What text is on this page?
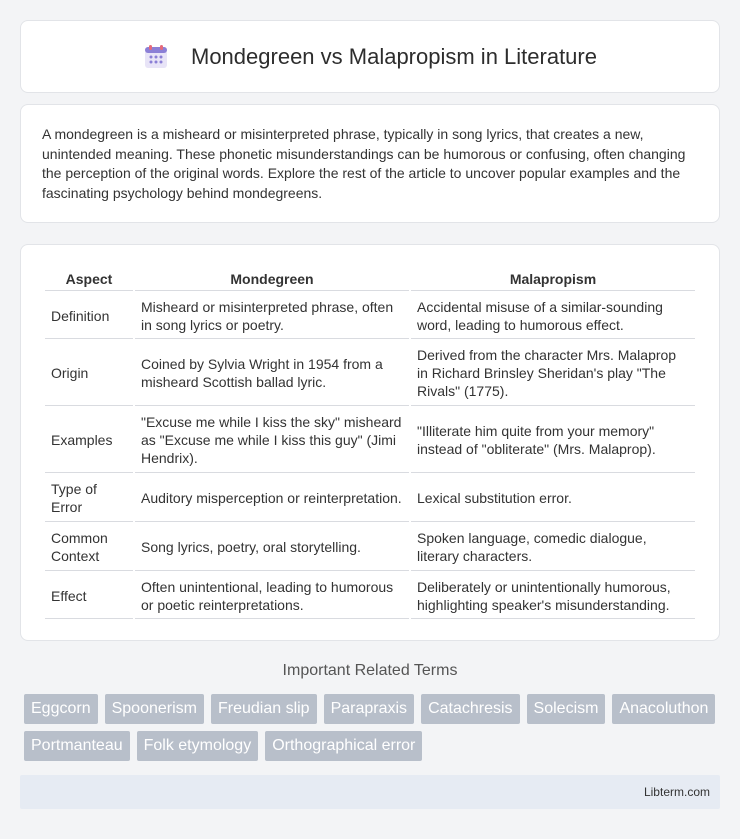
Mondegreen vs Malapropism in Literature

A mondegreen is a misheard or misinterpreted phrase, typically in song lyrics, that creates a new, unintended meaning. These phonetic misunderstandings can be humorous or confusing, often changing the perception of the original words. Explore the rest of the article to uncover popular examples and the fascinating psychology behind mondegreens.

Aspect	Mondegreen	Malapropism
Definition	Misheard or misinterpreted phrase, often in song lyrics or poetry.	Accidental misuse of a similar-sounding word, leading to humorous effect.
Origin	Coined by Sylvia Wright in 1954 from a misheard Scottish ballad lyric.	Derived from the character Mrs. Malaprop in Richard Brinsley Sheridan's play "The Rivals" (1775).
Examples	"Excuse me while I kiss the sky" misheard as "Excuse me while I kiss this guy" (Jimi Hendrix).	"Illiterate him quite from your memory" instead of "obliterate" (Mrs. Malaprop).
Type of Error	Auditory misperception or reinterpretation.	Lexical substitution error.
Common Context	Song lyrics, poetry, oral storytelling.	Spoken language, comedic dialogue, literary characters.
Effect	Often unintentional, leading to humorous or poetic reinterpretations.	Deliberately or unintentionally humorous, highlighting speaker's misunderstanding.
Important Related Terms
Eggcorn	Spoonerism	Freudian slip	Parapraxis	Catachresis	Solecism	Anacoluthon
Portmanteau	Folk etymology	Orthographical error
Libterm.com
